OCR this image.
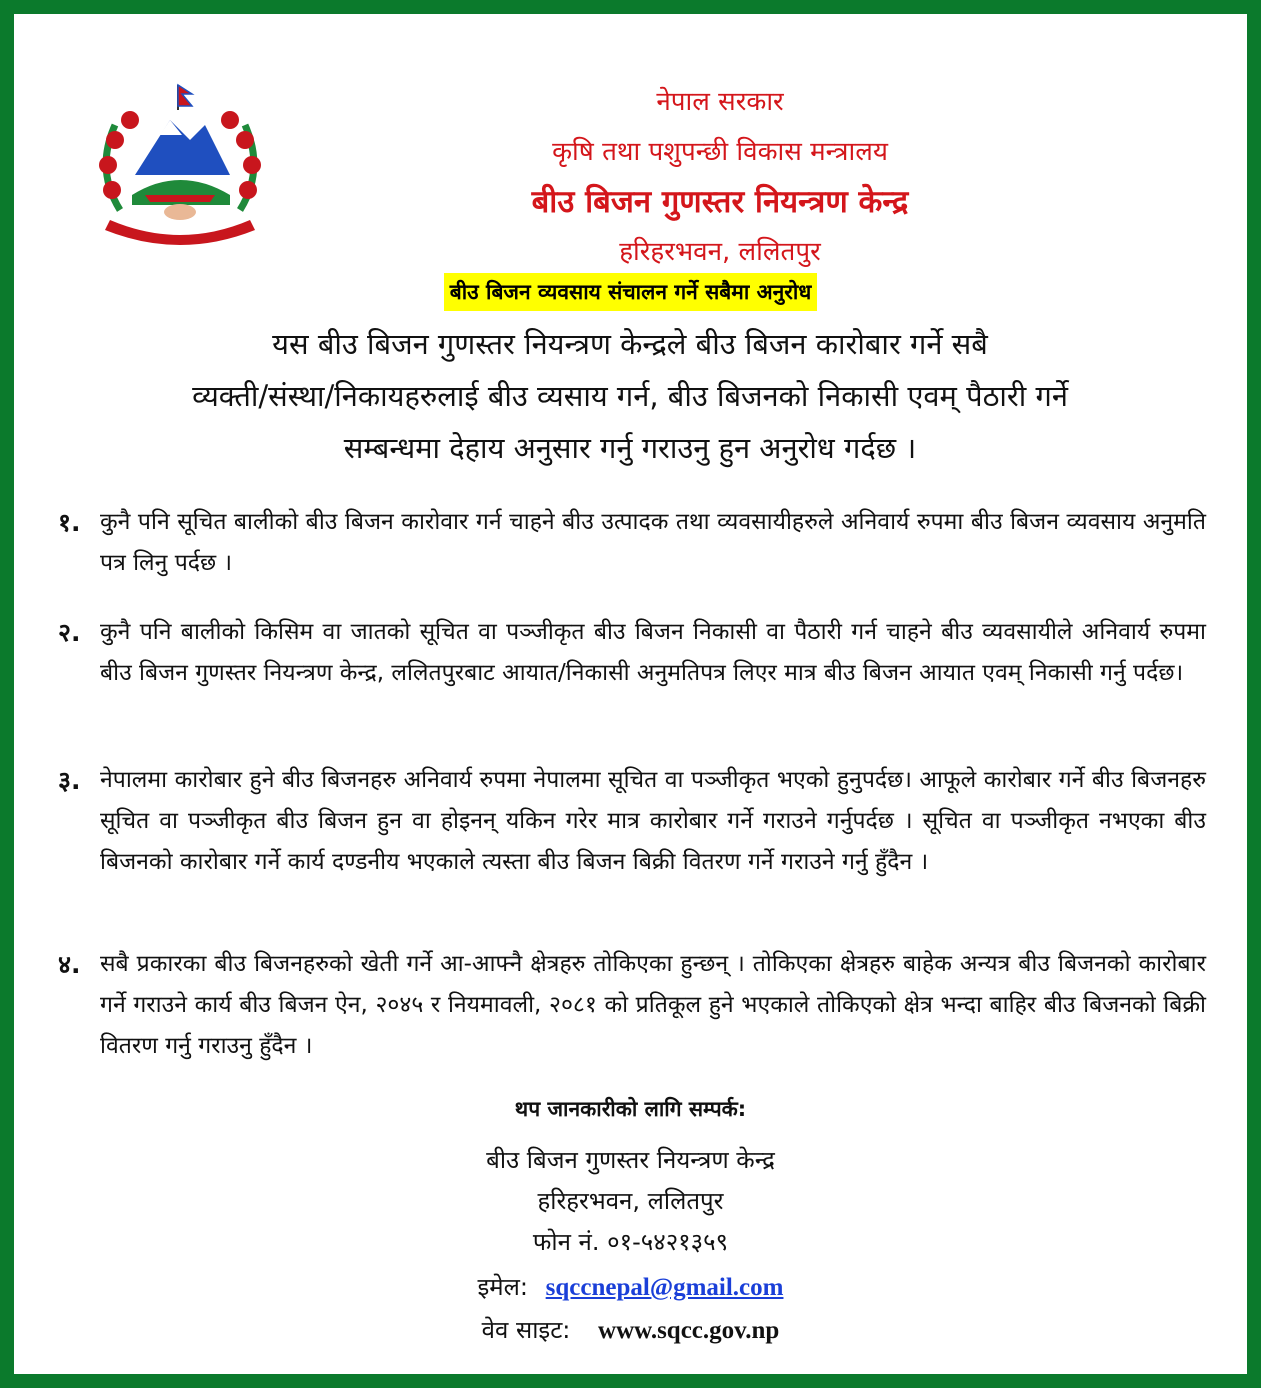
नेपाल सरकार
कृषि तथा पशुपन्छी विकास मन्त्रालय
बीउ बिजन गुणस्तर नियन्त्रण केन्द्र
हरिहरभवन, ललितपुर
बीउ बिजन व्यवसाय संचालन गर्ने सबैमा अनुरोध
यस बीउ बिजन गुणस्तर नियन्त्रण केन्द्रले बीउ बिजन कारोबार गर्ने सबै
व्यक्ती/संस्था/निकायहरुलाई बीउ व्यसाय गर्न, बीउ बिजनको निकासी एवम् पैठारी गर्ने
सम्बन्धमा देहाय अनुसार गर्नु गराउनु हुन अनुरोध गर्दछ ।
१. कुनै पनि सूचित बालीको बीउ बिजन कारोवार गर्न चाहने बीउ उत्पादक तथा व्यवसायीहरुले अनिवार्य रुपमा बीउ बिजन व्यवसाय अनुमति पत्र लिनु पर्दछ ।
२. कुनै पनि बालीको किसिम वा जातको सूचित वा पञ्जीकृत बीउ बिजन निकासी वा पैठारी गर्न चाहने बीउ व्यवसायीले अनिवार्य रुपमा बीउ बिजन गुणस्तर नियन्त्रण केन्द्र, ललितपुरबाट आयात/निकासी अनुमतिपत्र लिएर मात्र बीउ बिजन आयात एवम् निकासी गर्नु पर्दछ।
३. नेपालमा कारोबार हुने बीउ बिजनहरु अनिवार्य रुपमा नेपालमा सूचित वा पञ्जीकृत भएको हुनुपर्दछ। आफूले कारोबार गर्ने बीउ बिजनहरु सूचित वा पञ्जीकृत बीउ बिजन हुन वा होइनन् यकिन गरेर मात्र कारोबार गर्ने गराउने गर्नुपर्दछ । सूचित वा पञ्जीकृत नभएका बीउ बिजनको कारोबार गर्ने कार्य दण्डनीय भएकाले त्यस्ता बीउ बिजन बिक्री वितरण गर्ने गराउने गर्नु हुँदैन ।
४. सबै प्रकारका बीउ बिजनहरुको खेती गर्ने आ-आफ्नै क्षेत्रहरु तोकिएका हुन्छन् । तोकिएका क्षेत्रहरु बाहेक अन्यत्र बीउ बिजनको कारोबार गर्ने गराउने कार्य बीउ बिजन ऐन, २०४५ र नियमावली, २०८१ को प्रतिकूल हुने भएकाले तोकिएको क्षेत्र भन्दा बाहिर बीउ बिजनको बिक्री वितरण गर्नु गराउनु हुँदैन ।
थप जानकारीको लागि सम्पर्क:
बीउ बिजन गुणस्तर नियन्त्रण केन्द्र
हरिहरभवन, ललितपुर
फोन नं. ०१-५४२१३५९
इमेल: sqccnepal@gmail.com
वेव साइट: www.sqcc.gov.np
